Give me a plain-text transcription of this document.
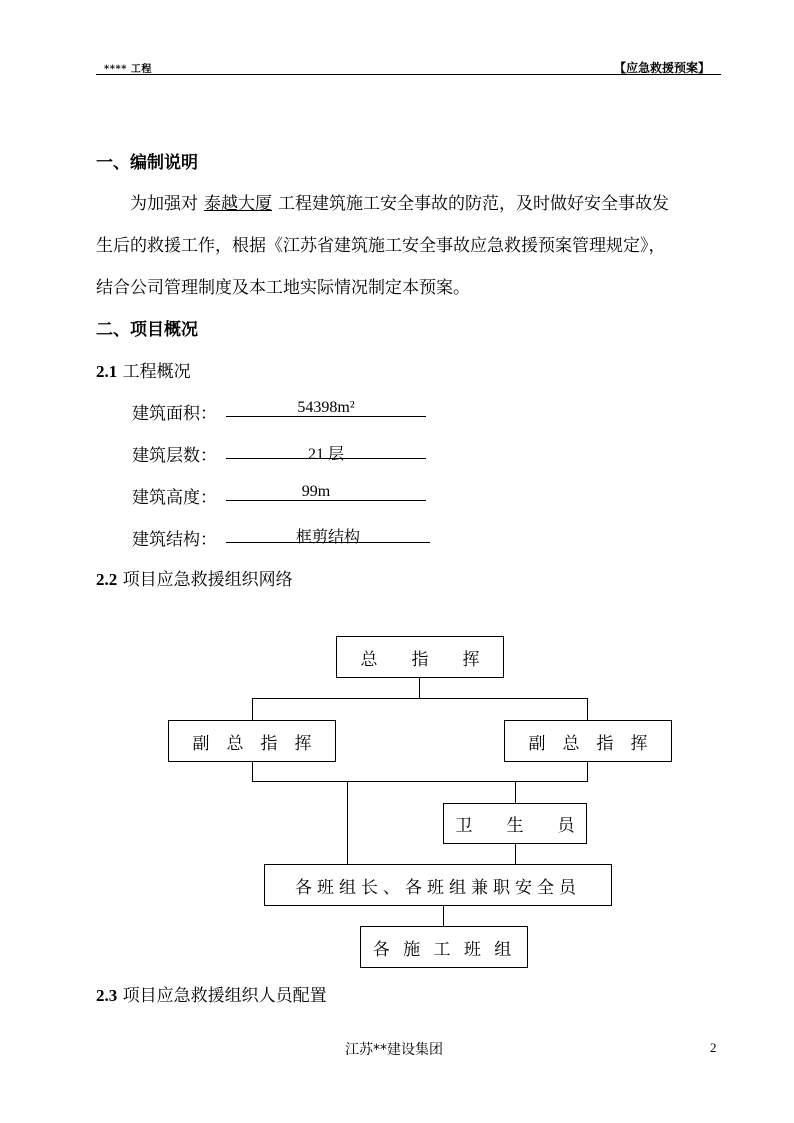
**** 工程	【应急救援预案】
一、编制说明
为加强对 泰越大厦 工程建筑施工安全事故的防范，及时做好安全事故发
生后的救援工作，根据《江苏省建筑施工安全事故应急救援预案管理规定》，
结合公司管理制度及本工地实际情况制定本预案。
二、项目概况
2.1 工程概况
建筑面积：	54398m²
建筑层数：	21 层
建筑高度：	99m
建筑结构：	框剪结构
2.2 项目应急救援组织网络
总　　指　　挥
副　总　指　挥	副　总　指　挥
卫　　生　　员
各班组长、各班组兼职安全员
各 施 工 班 组
2.3 项目应急救援组织人员配置
江苏**建设集团	2
